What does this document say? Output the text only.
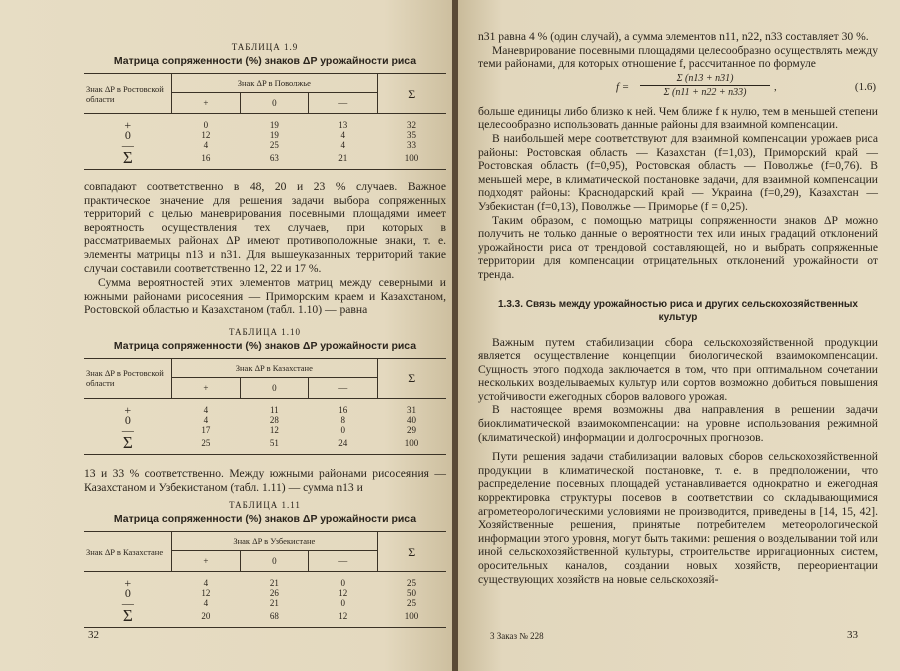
ТАБЛИЦА 1.9
Матрица сопряженности (%) знаков ΔP урожайности риса
Знак ΔP в Ростовской области	Знак ΔP в Поволжье			Σ
	+	0	—	
+	0	19	13	32
0	12	19	4	35
—	4	25	4	33
Σ	16	63	21	100

совпадают соответственно в 48, 20 и 23 % случаев. Важное практическое значение для решения задачи выбора сопряженных территорий с целью маневрирования посевными площадями имеет вероятность осуществления тех случаев, при которых в рассматриваемых районах ΔP имеют противоположные знаки, т. е. элементы матрицы n13 и n31. Для вышеуказанных территорий такие случаи составили соответственно 12, 22 и 17 %.

Сумма вероятностей этих элементов матриц между северными и южными районами рисосеяния — Приморским краем и Казахстаном, Ростовской областью и Казахстаном (табл. 1.10) — равна

ТАБЛИЦА 1.10
Матрица сопряженности (%) знаков ΔP урожайности риса
Знак ΔP в Ростовской области	Знак ΔP в Казахстане			Σ
	+	0	—	
+	4	11	16	31
0	4	28	8	40
—	17	12	0	29
Σ	25	51	24	100

13 и 33 % соответственно. Между южными районами рисосеяния — Казахстаном и Узбекистаном (табл. 1.11) — сумма n13 и

ТАБЛИЦА 1.11
Матрица сопряженности (%) знаков ΔP урожайности риса
Знак ΔP в Казахстане	Знак ΔP в Узбекистане			Σ
	+	0	—	
+	4	21	0	25
0	12	26	12	50
—	4	21	0	25
Σ	20	68	12	100
32

n31 равна 4 % (один случай), а сумма элементов n11, n22, n33 составляет 30 %.

Маневрирование посевными площадями целесообразно осуществлять между теми районами, для которых отношение f, рассчитанное по формуле

$f = \frac{\Sigma (n13 + n31)}{\Sigma (n11 + n22 + n33)}$ ,	(1.6)

больше единицы либо близко к ней. Чем ближе f к нулю, тем в меньшей степени целесообразно использовать данные районы для взаимной компенсации.

В наибольшей мере соответствуют для взаимной компенсации урожаев риса районы: Ростовская область — Казахстан (f=1,03), Приморский край — Ростовская область (f=0,95), Ростовская область — Поволжье (f=0,76). В меньшей мере, в климатической постановке задачи, для взаимной компенсации подходят районы: Краснодарский край — Украина (f=0,29), Казахстан — Узбекистан (f=0,13), Поволжье — Приморье (f = 0,25).

Таким образом, с помощью матрицы сопряженности знаков ΔP можно получить не только данные о вероятности тех или иных градаций отклонений урожайности риса от трендовой составляющей, но и выбрать сопряженные территории для компенсации отрицательных отклонений урожайности от тренда.

1.3.3. Связь между урожайностью риса и других сельскохозяйственных культур

Важным путем стабилизации сбора сельскохозяйственной продукции является осуществление концепции биологической взаимокомпенсации. Сущность этого подхода заключается в том, что при оптимальном сочетании нескольких возделываемых культур или сортов возможно добиться повышения устойчивости ежегодных сборов валового урожая.

В настоящее время возможны два направления в решении задачи биоклиматической взаимокомпенсации: на уровне использования режимной (климатической) информации и долгосрочных прогнозов.

Пути решения задачи стабилизации валовых сборов сельскохозяйственной продукции в климатической постановке, т. е. в предположении, что распределение посевных площадей устанавливается однократно и ежегодная корректировка структуры посевов в соответствии со складывающимися агрометеорологическими условиями не производится, приведены в [14, 15, 42]. Хозяйственные решения, принятые потребителем метеорологической информации этого уровня, могут быть такими: решения о возделывании той или иной сельскохозяйственной культуры, строительстве ирригационных систем, оросительных каналов, создании новых хозяйств, переориентации существующих хозяйств на новые сельскохозяй-

3 Заказ № 228	33
